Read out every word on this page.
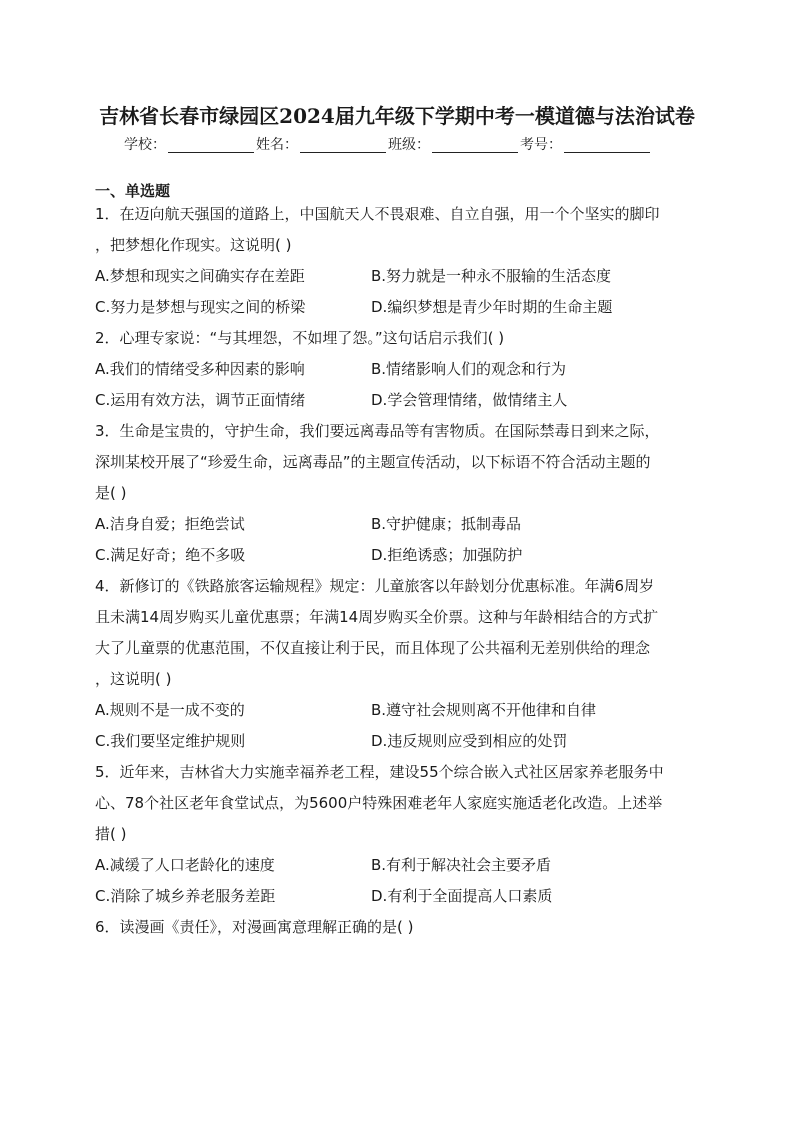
吉林省长春市绿园区2024届九年级下学期中考一模道德与法治试卷
学校：	姓名：	班级：	考号：
一、单选题
1．在迈向航天强国的道路上，中国航天人不畏艰难、自立自强，用一个个坚实的脚印
，把梦想化作现实。这说明( )
A.梦想和现实之间确实存在差距	B.努力就是一种永不服输的生活态度
C.努力是梦想与现实之间的桥梁	D.编织梦想是青少年时期的生命主题
2．心理专家说：“与其埋怨，不如埋了怨。”这句话启示我们( )
A.我们的情绪受多种因素的影响	B.情绪影响人们的观念和行为
C.运用有效方法，调节正面情绪	D.学会管理情绪，做情绪主人
3．生命是宝贵的，守护生命，我们要远离毒品等有害物质。在国际禁毒日到来之际，
深圳某校开展了“珍爱生命，远离毒品”的主题宣传活动，以下标语不符合活动主题的
是( )
A.洁身自爱；拒绝尝试	B.守护健康；抵制毒品
C.满足好奇；绝不多吸	D.拒绝诱惑；加强防护
4．新修订的《铁路旅客运输规程》规定：儿童旅客以年龄划分优惠标准。年满6周岁
且未满14周岁购买儿童优惠票；年满14周岁购买全价票。这种与年龄相结合的方式扩
大了儿童票的优惠范围，不仅直接让利于民，而且体现了公共福利无差别供给的理念
，这说明( )
A.规则不是一成不变的	B.遵守社会规则离不开他律和自律
C.我们要坚定维护规则	D.违反规则应受到相应的处罚
5．近年来，吉林省大力实施幸福养老工程，建设55个综合嵌入式社区居家养老服务中
心、78个社区老年食堂试点，为5600户特殊困难老年人家庭实施适老化改造。上述举
措( )
A.减缓了人口老龄化的速度	B.有利于解决社会主要矛盾
C.消除了城乡养老服务差距	D.有利于全面提高人口素质
6．读漫画《责任》，对漫画寓意理解正确的是( )
